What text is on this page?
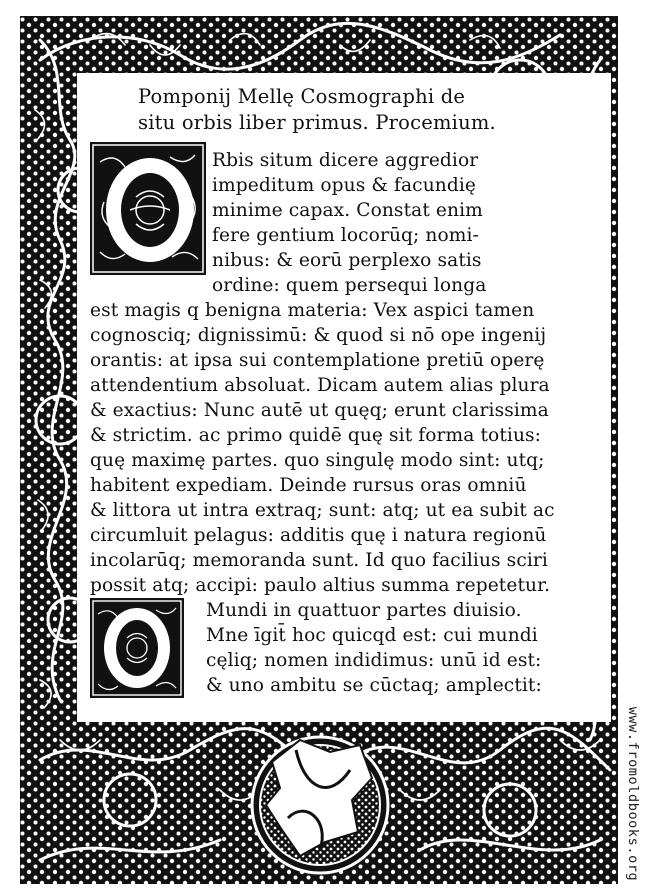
Pomponij Mellę Cosmographi de
situ orbis liber primus. Procemium.
Rbis situm dicere aggredior
impeditum opus & facundię
minime capax. Constat enim
fere gentium locorūq; nomi-
nibus: & eorū perplexo satis
ordine: quem persequi longa
est magis q benigna materia: Vex aspici tamen
cognosciq; dignissimū: & quod si nō ope ingenij
orantis: at ipsa sui contemplatione pretiū operę
attendentium absoluat. Dicam autem alias plura
& exactius: Nunc autē ut quęq; erunt clarissima
& strictim. ac primo quidē quę sit forma totius:
quę maximę partes. quo singulę modo sint: utq;
habitent expediam. Deinde rursus oras omniū
& littora ut intra extraq; sunt: atq; ut ea subit ac
circumluit pelagus: additis quę i natura regionū
incolarūq; memoranda sunt. Id quo facilius sciri
possit atq; accipi: paulo altius summa repetetur.
Mundi in quattuor partes diuisio.
Mne īgit̄ hoc quicqd est: cui mundi
cęliq; nomen indidimus: unū id est:
& uno ambitu se cūctaq; amplectit:
www.fromoldbooks.org
